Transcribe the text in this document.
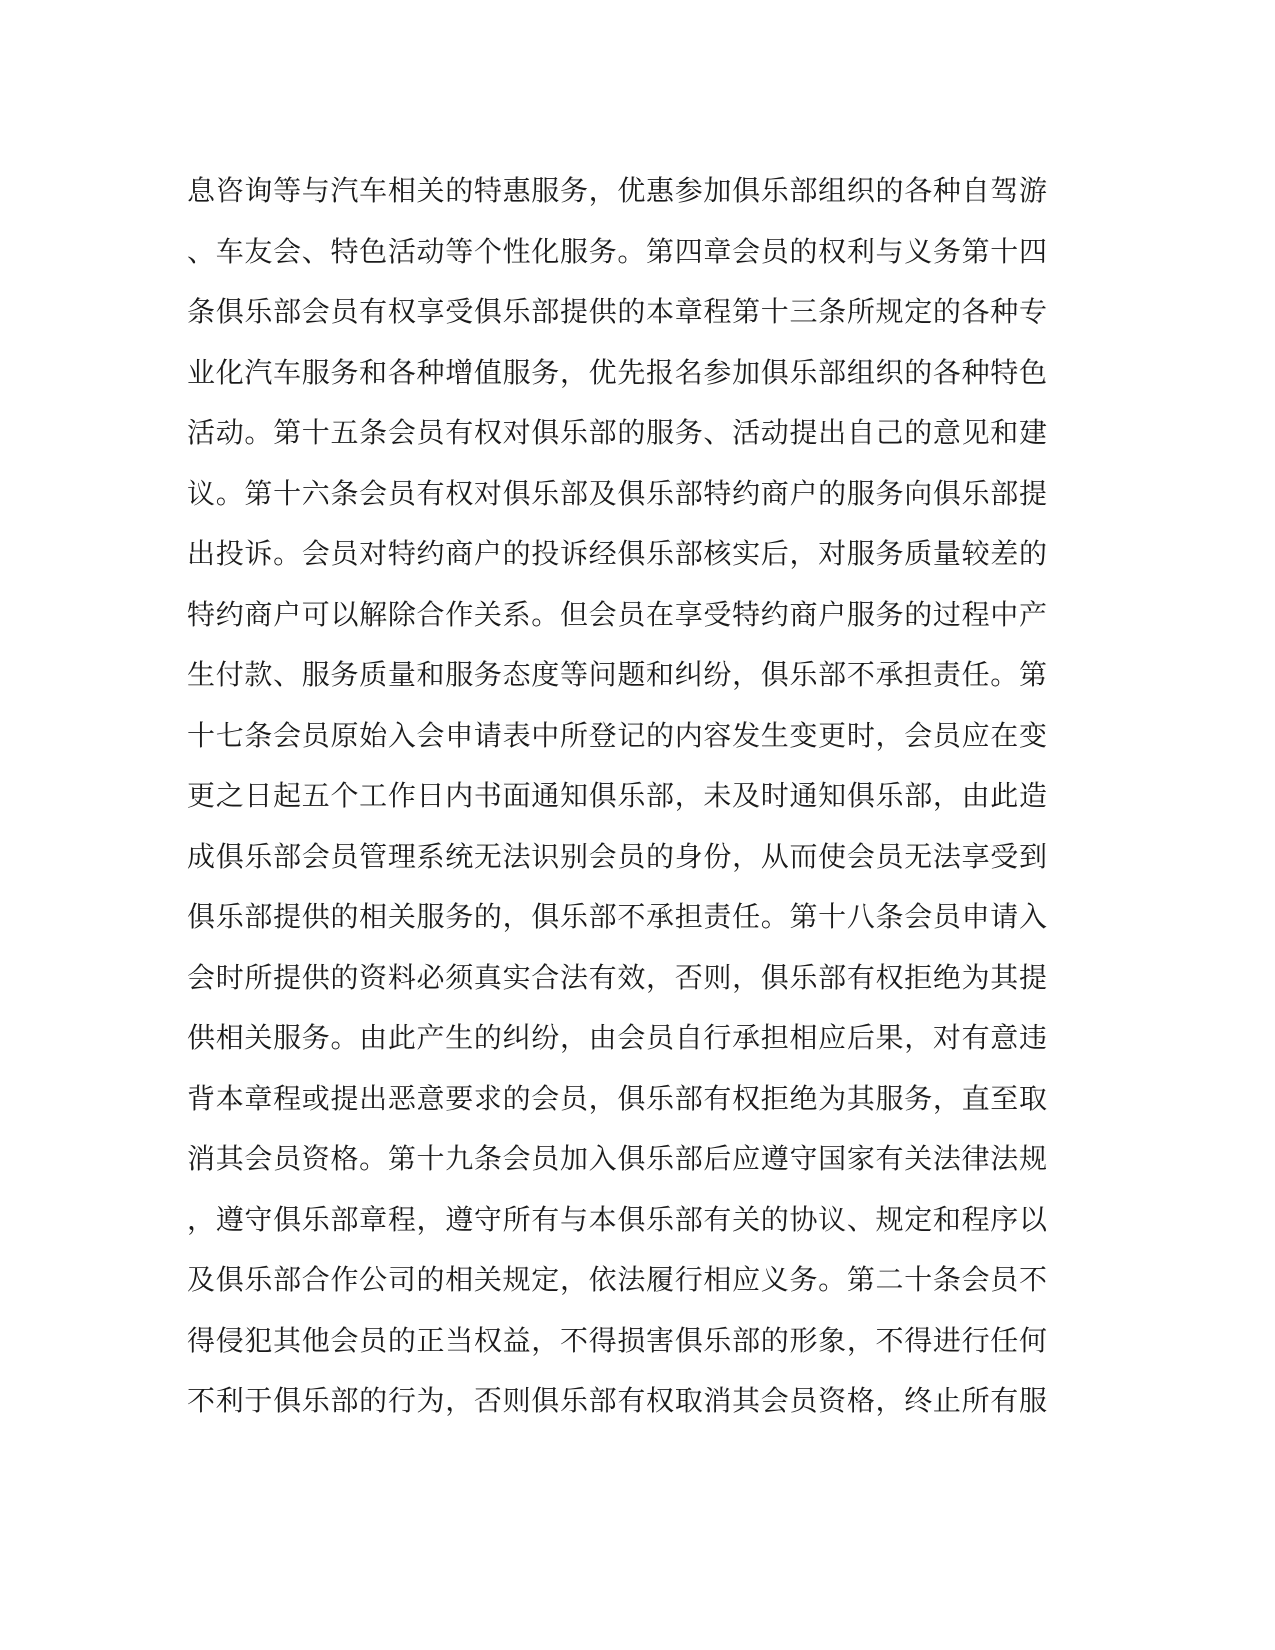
息咨询等与汽车相关的特惠服务，优惠参加俱乐部组织的各种自驾游
、车友会、特色活动等个性化服务。第四章会员的权利与义务第十四
条俱乐部会员有权享受俱乐部提供的本章程第十三条所规定的各种专
业化汽车服务和各种增值服务，优先报名参加俱乐部组织的各种特色
活动。第十五条会员有权对俱乐部的服务、活动提出自己的意见和建
议。第十六条会员有权对俱乐部及俱乐部特约商户的服务向俱乐部提
出投诉。会员对特约商户的投诉经俱乐部核实后，对服务质量较差的
特约商户可以解除合作关系。但会员在享受特约商户服务的过程中产
生付款、服务质量和服务态度等问题和纠纷，俱乐部不承担责任。第
十七条会员原始入会申请表中所登记的内容发生变更时，会员应在变
更之日起五个工作日内书面通知俱乐部，未及时通知俱乐部，由此造
成俱乐部会员管理系统无法识别会员的身份，从而使会员无法享受到
俱乐部提供的相关服务的，俱乐部不承担责任。第十八条会员申请入
会时所提供的资料必须真实合法有效，否则，俱乐部有权拒绝为其提
供相关服务。由此产生的纠纷，由会员自行承担相应后果，对有意违
背本章程或提出恶意要求的会员，俱乐部有权拒绝为其服务，直至取
消其会员资格。第十九条会员加入俱乐部后应遵守国家有关法律法规
，遵守俱乐部章程，遵守所有与本俱乐部有关的协议、规定和程序以
及俱乐部合作公司的相关规定，依法履行相应义务。第二十条会员不
得侵犯其他会员的正当权益，不得损害俱乐部的形象，不得进行任何
不利于俱乐部的行为，否则俱乐部有权取消其会员资格，终止所有服
